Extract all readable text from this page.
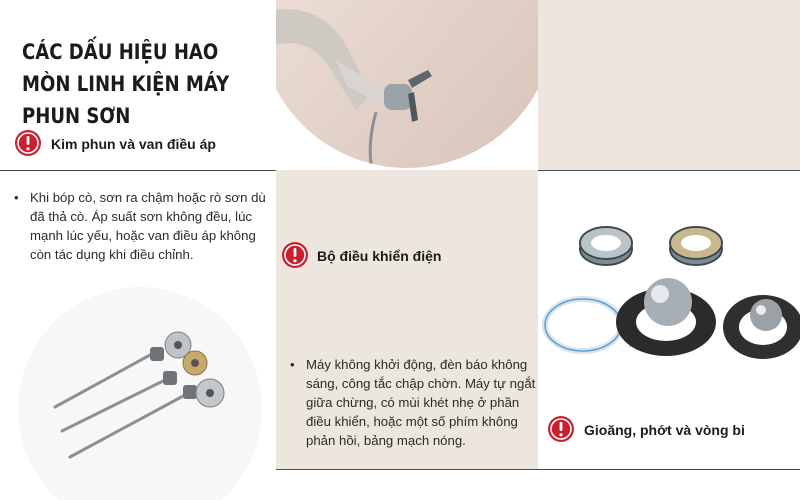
CÁC DẤU HIỆU HAO MÒN LINH KIỆN MÁY PHUN SƠN
Kim phun và van điều áp
• Khi bóp cò, sơn ra chậm hoặc rò sơn dù đã thả cò. Áp suất sơn không đều, lúc mạnh lúc yếu, hoặc van điều áp không còn tác dụng khi điều chỉnh.	Bộ điều khiển điện
• Máy không khởi động, đèn báo không sáng, công tắc chập chờn. Máy tự ngắt giữa chừng, có mùi khét nhẹ ở phần điều khiển, hoặc một số phím không phản hồi, bảng mạch nóng.
•
Gioăng, phớt và vòng bi
